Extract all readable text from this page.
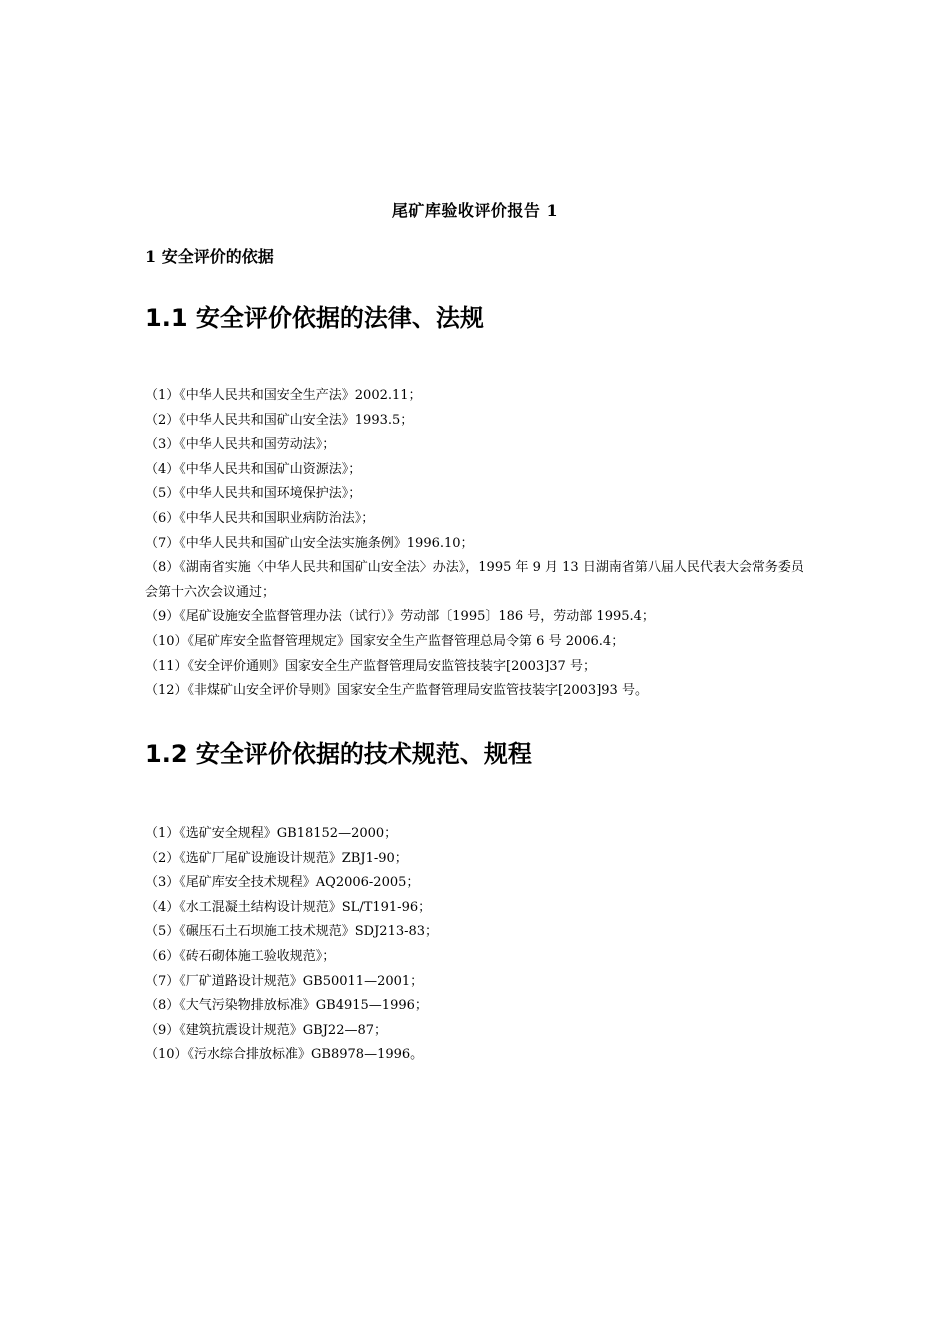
尾矿库验收评价报告 1
1 安全评价的依据
1.1 安全评价依据的法律、法规
（1）《中华人民共和国安全生产法》2002.11；
（2）《中华人民共和国矿山安全法》1993.5；
（3）《中华人民共和国劳动法》；
（4）《中华人民共和国矿山资源法》；
（5）《中华人民共和国环境保护法》；
（6）《中华人民共和国职业病防治法》；
（7）《中华人民共和国矿山安全法实施条例》1996.10；
（8）《湖南省实施〈中华人民共和国矿山安全法〉办法》，1995 年 9 月 13 日湖南省第八届人民代表大会常务委员会第十六次会议通过；
（9）《尾矿设施安全监督管理办法（试行）》劳动部〔1995〕186 号，劳动部 1995.4；
（10）《尾矿库安全监督管理规定》国家安全生产监督管理总局令第 6 号 2006.4；
（11）《安全评价通则》国家安全生产监督管理局安监管技装字[2003]37 号；
（12）《非煤矿山安全评价导则》国家安全生产监督管理局安监管技装字[2003]93 号。
1.2 安全评价依据的技术规范、规程
（1）《选矿安全规程》GB18152—2000；
（2）《选矿厂尾矿设施设计规范》ZBJ1-90；
（3）《尾矿库安全技术规程》AQ2006-2005；
（4）《水工混凝土结构设计规范》SL/T191-96；
（5）《碾压石土石坝施工技术规范》SDJ213-83；
（6）《砖石砌体施工验收规范》；
（7）《厂矿道路设计规范》GB50011—2001；
（8）《大气污染物排放标准》GB4915—1996；
（9）《建筑抗震设计规范》GBJ22—87；
（10）《污水综合排放标准》GB8978—1996。
